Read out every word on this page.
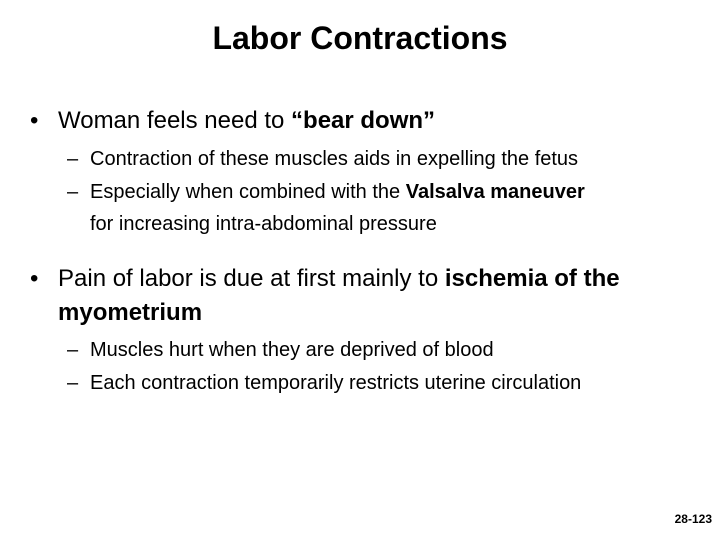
Labor Contractions
• Woman feels need to “bear down”
– Contraction of these muscles aids in expelling the fetus
– Especially when combined with the Valsalva maneuver
for increasing intra-abdominal pressure
• Pain of labor is due at first mainly to ischemia of the myometrium
– Muscles hurt when they are deprived of blood
– Each contraction temporarily restricts uterine circulation
28-123
